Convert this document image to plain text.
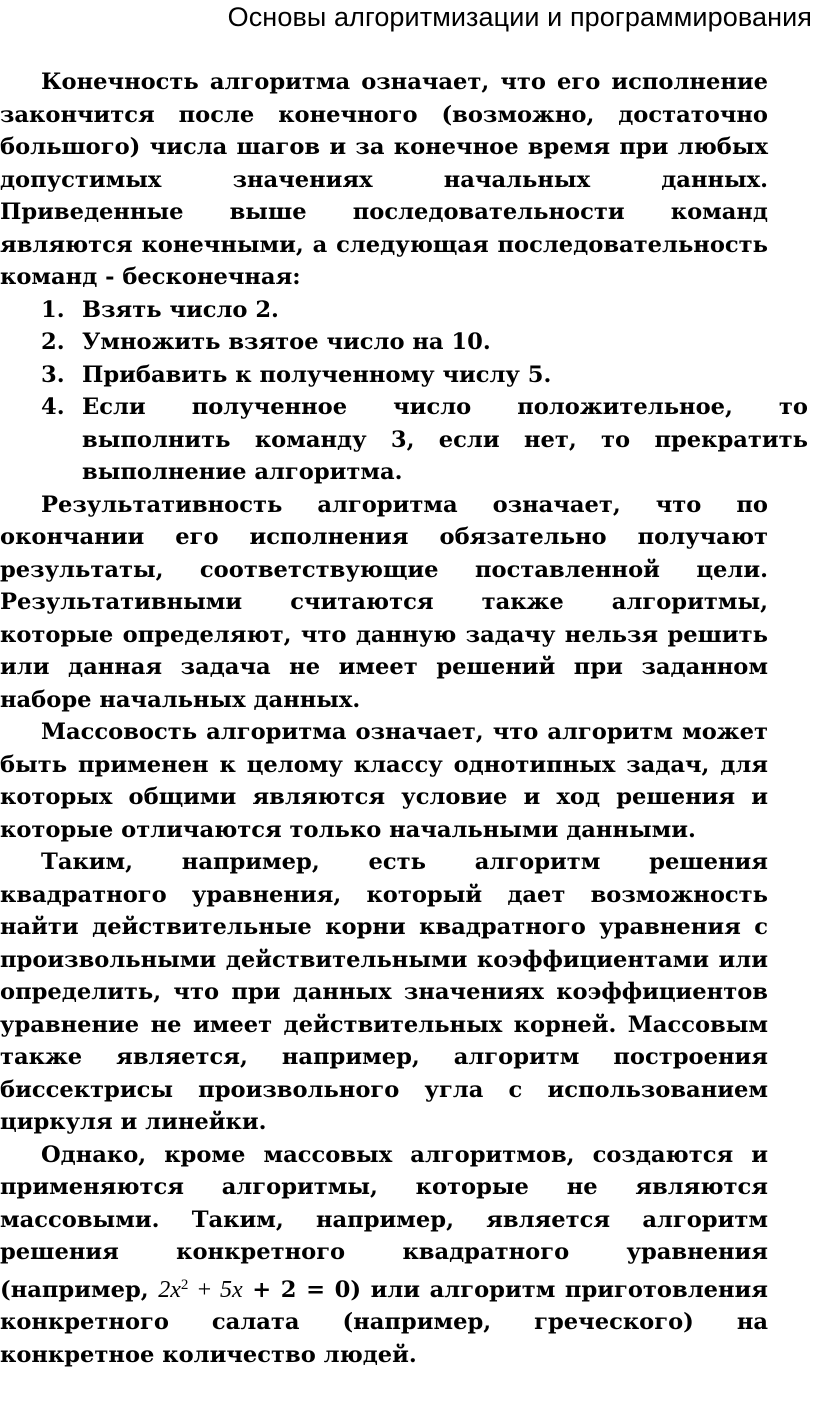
Основы алгоритмизации и программирования

Конечность алгоритма означает, что его исполнение закончится после конечного (возможно, достаточно большого) числа шагов и за конечное время при любых допустимых значениях начальных данных. Приведенные выше последовательности команд являются конечными, а следующая последовательность команд - бесконечная:

1. Взять число 2.
2. Умножить взятое число на 10.
3. Прибавить к полученному числу 5.
4. Если полученное число положительное, то выполнить команду 3, если нет, то прекратить выполнение алгоритма.

Результативность алгоритма означает, что по окончании его исполнения обязательно получают результаты, соответствующие поставленной цели. Результативными считаются также алгоритмы, которые определяют, что данную задачу нельзя решить или данная задача не имеет решений при заданном наборе начальных данных.

Массовость алгоритма означает, что алгоритм может быть применен к целому классу однотипных задач, для которых общими являются условие и ход решения и которые отличаются только начальными данными.

Таким, например, есть алгоритм решения квадратного уравнения, который дает возможность найти действительные корни квадратного уравнения с произвольными действительными коэффициентами или определить, что при данных значениях коэффициентов уравнение не имеет действительных корней. Массовым также является, например, алгоритм построения биссектрисы произвольного угла с использованием циркуля и линейки.

Однако, кроме массовых алгоритмов, создаются и применяются алгоритмы, которые не являются массовыми. Таким, например, является алгоритм решения конкретного квадратного уравнения (например, $2x^2 + 5x + 2 = 0$) или алгоритм приготовления конкретного салата (например, греческого) на конкретное количество людей.
